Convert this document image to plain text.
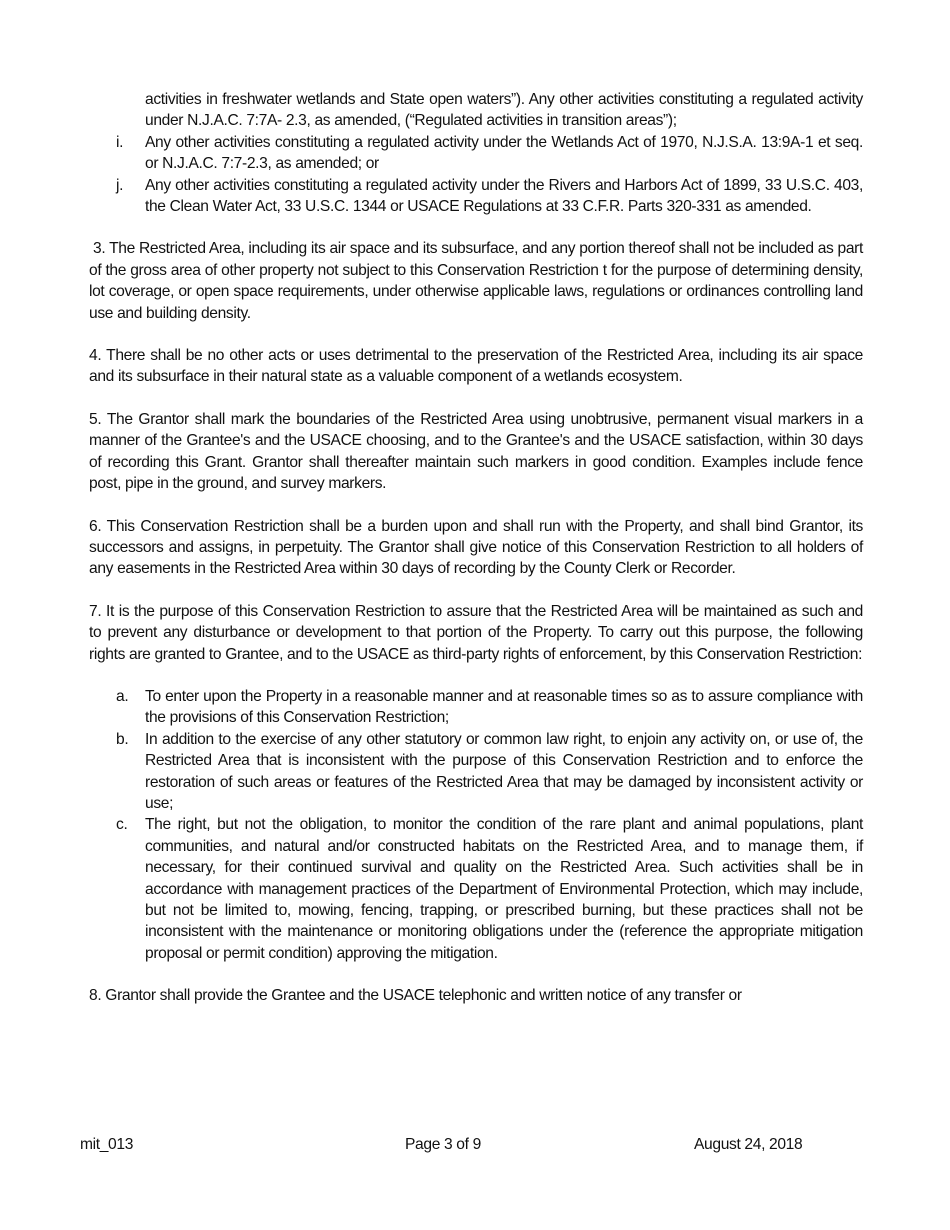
activities in freshwater wetlands and State open waters”). Any other activities constituting a regulated activity under N.J.A.C. 7:7A- 2.3, as amended, (“Regulated activities in transition areas”);
i.	Any other activities constituting a regulated activity under the Wetlands Act of 1970, N.J.S.A. 13:9A-1 et seq. or N.J.A.C. 7:7-2.3, as amended; or
j.	Any other activities constituting a regulated activity under the Rivers and Harbors Act of 1899, 33 U.S.C. 403, the Clean Water Act, 33 U.S.C. 1344 or USACE Regulations at 33 C.F.R. Parts 320-331 as amended.
3. The Restricted Area, including its air space and its subsurface, and any portion thereof shall not be included as part of the gross area of other property not subject to this Conservation Restriction t for the purpose of determining density, lot coverage, or open space requirements, under otherwise applicable laws, regulations or ordinances controlling land use and building density.
4. There shall be no other acts or uses detrimental to the preservation of the Restricted Area, including its air space and its subsurface in their natural state as a valuable component of a wetlands ecosystem.
5. The Grantor shall mark the boundaries of the Restricted Area using unobtrusive, permanent visual markers in a manner of the Grantee's and the USACE choosing, and to the Grantee's and the USACE satisfaction, within 30 days of recording this Grant. Grantor shall thereafter maintain such markers in good condition. Examples include fence post, pipe in the ground, and survey markers.
6. This Conservation Restriction shall be a burden upon and shall run with the Property, and shall bind Grantor, its successors and assigns, in perpetuity. The Grantor shall give notice of this Conservation Restriction to all holders of any easements in the Restricted Area within 30 days of recording by the County Clerk or Recorder.
7. It is the purpose of this Conservation Restriction to assure that the Restricted Area will be maintained as such and to prevent any disturbance or development to that portion of the Property. To carry out this purpose, the following rights are granted to Grantee, and to the USACE as third-party rights of enforcement, by this Conservation Restriction:
a.	To enter upon the Property in a reasonable manner and at reasonable times so as to assure compliance with the provisions of this Conservation Restriction;
b.	In addition to the exercise of any other statutory or common law right, to enjoin any activity on, or use of, the Restricted Area that is inconsistent with the purpose of this Conservation Restriction and to enforce the restoration of such areas or features of the Restricted Area that may be damaged by inconsistent activity or use;
c.	The right, but not the obligation, to monitor the condition of the rare plant and animal populations, plant communities, and natural and/or constructed habitats on the Restricted Area, and to manage them, if necessary, for their continued survival and quality on the Restricted Area. Such activities shall be in accordance with management practices of the Department of Environmental Protection, which may include, but not be limited to, mowing, fencing, trapping, or prescribed burning, but these practices shall not be inconsistent with the maintenance or monitoring obligations under the (reference the appropriate mitigation proposal or permit condition) approving the mitigation.
8. Grantor shall provide the Grantee and the USACE telephonic and written notice of any transfer or
mit_013	Page 3 of 9	August 24, 2018
